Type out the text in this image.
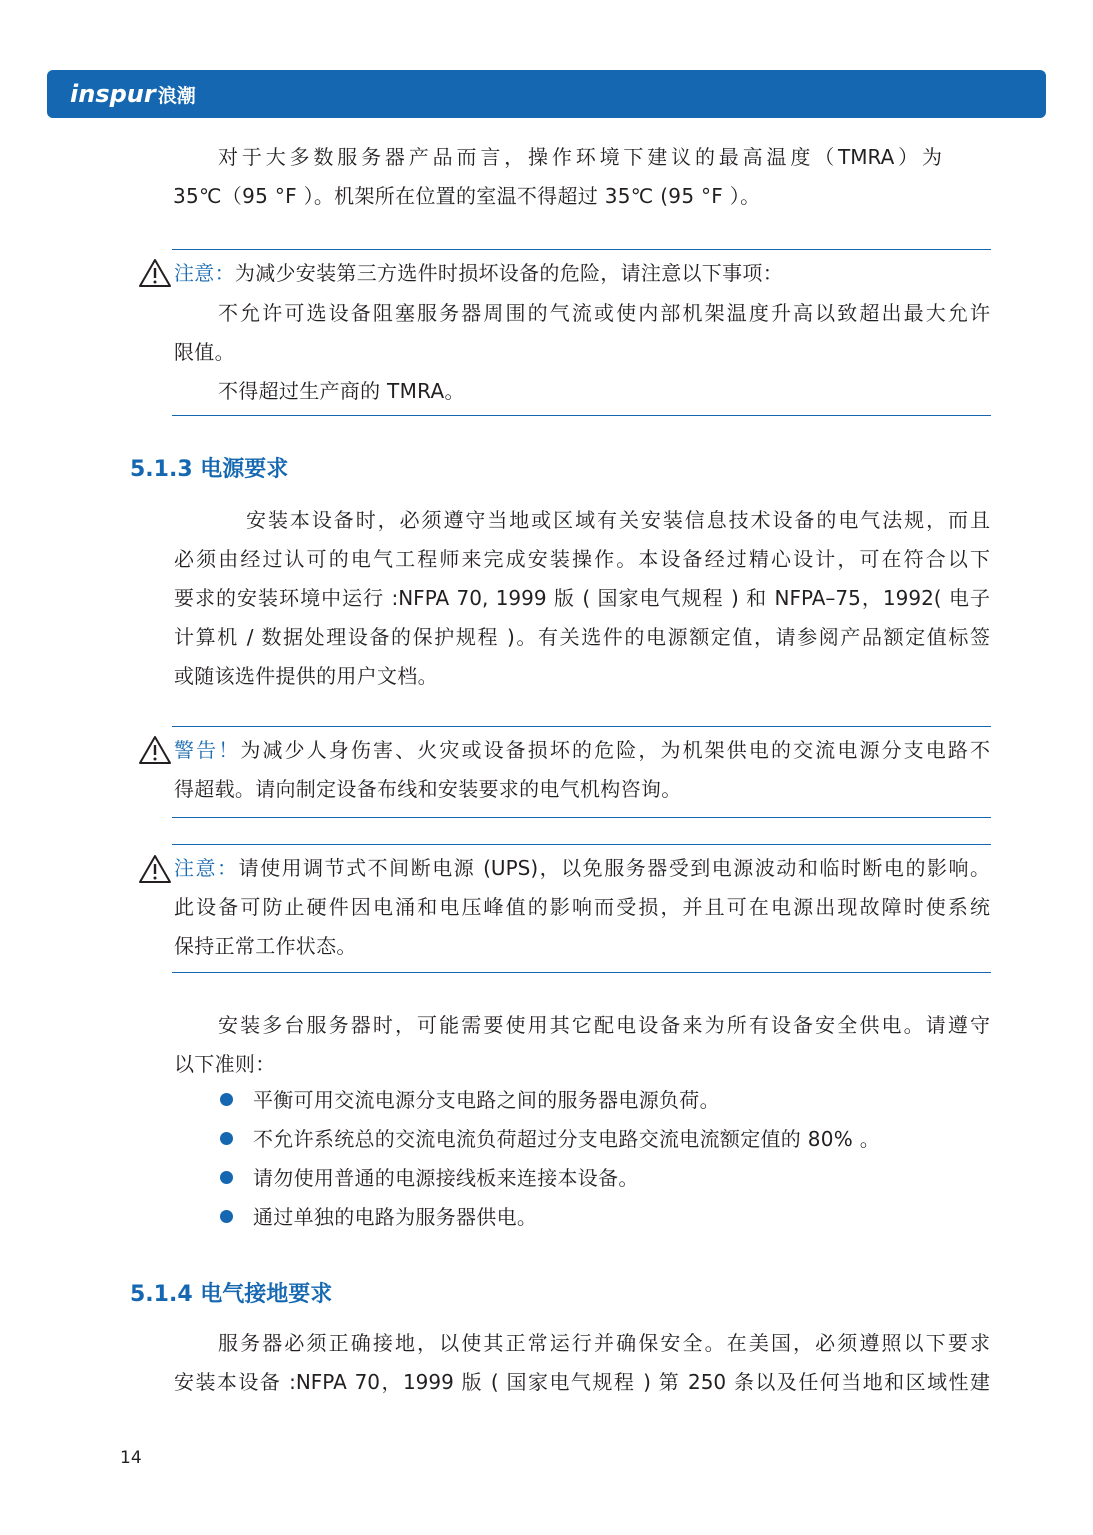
inspur 浪潮
对于大多数服务器产品而言，操作环境下建议的最高温度（TMRA）为
35℃（95 °F ）。机架所在位置的室温不得超过 35℃ (95 °F ）。
注意：为减少安装第三方选件时损坏设备的危险，请注意以下事项：
不允许可选设备阻塞服务器周围的气流或使内部机架温度升高以致超出最大允许
限值。
不得超过生产商的 TMRA。
5.1.3 电源要求
安装本设备时，必须遵守当地或区域有关安装信息技术设备的电气法规，而且
必须由经过认可的电气工程师来完成安装操作。本设备经过精心设计，可在符合以下
要求的安装环境中运行 :NFPA 70, 1999 版 ( 国家电气规程 ) 和 NFPA–75，1992( 电子
计算机 / 数据处理设备的保护规程 )。有关选件的电源额定值，请参阅产品额定值标签
或随该选件提供的用户文档。
警告！为减少人身伤害、火灾或设备损坏的危险，为机架供电的交流电源分支电路不
得超载。请向制定设备布线和安装要求的电气机构咨询。
注意：请使用调节式不间断电源 (UPS)，以免服务器受到电源波动和临时断电的影响。
此设备可防止硬件因电涌和电压峰值的影响而受损，并且可在电源出现故障时使系统
保持正常工作状态。
安装多台服务器时，可能需要使用其它配电设备来为所有设备安全供电。请遵守
以下准则：
平衡可用交流电源分支电路之间的服务器电源负荷。
不允许系统总的交流电流负荷超过分支电路交流电流额定值的 80% 。
请勿使用普通的电源接线板来连接本设备。
通过单独的电路为服务器供电。
5.1.4 电气接地要求
服务器必须正确接地，以使其正常运行并确保安全。在美国，必须遵照以下要求
安装本设备 :NFPA 70，1999 版 ( 国家电气规程 ) 第 250 条以及任何当地和区域性建
14
